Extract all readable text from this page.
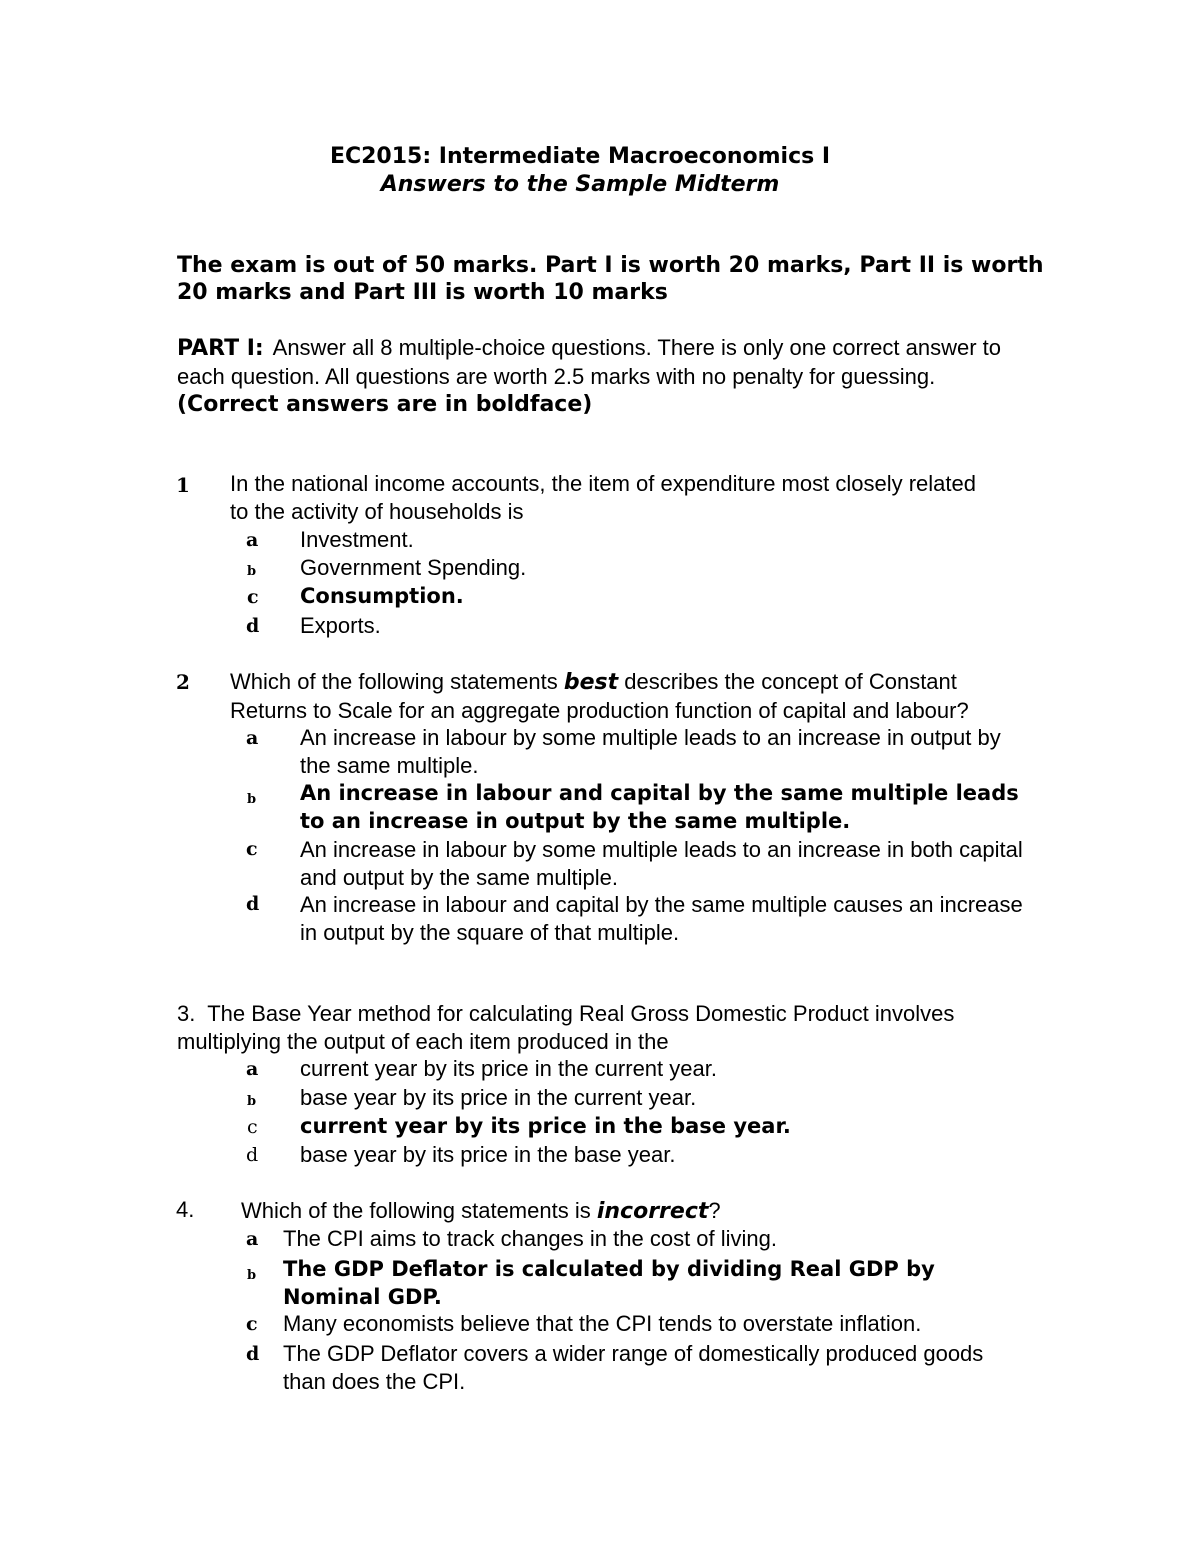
EC2015: Intermediate Macroeconomics I
Answers to the Sample Midterm
The exam is out of 50 marks. Part I is worth 20 marks, Part II is worth 20 marks and Part III is worth 10 marks
PART I: Answer all 8 multiple-choice questions. There is only one correct answer to each question. All questions are worth 2.5 marks with no penalty for guessing. (Correct answers are in boldface)
1 In the national income accounts, the item of expenditure most closely related to the activity of households is
a Investment.
b Government Spending.
c Consumption.
d Exports.
2 Which of the following statements best describes the concept of Constant Returns to Scale for an aggregate production function of capital and labour?
a An increase in labour by some multiple leads to an increase in output by the same multiple.
b An increase in labour and capital by the same multiple leads to an increase in output by the same multiple.
c An increase in labour by some multiple leads to an increase in both capital and output by the same multiple.
d An increase in labour and capital by the same multiple causes an increase in output by the square of that multiple.
3. The Base Year method for calculating Real Gross Domestic Product involves multiplying the output of each item produced in the
a current year by its price in the current year.
b base year by its price in the current year.
c current year by its price in the base year.
d base year by its price in the base year.
4. Which of the following statements is incorrect?
a The CPI aims to track changes in the cost of living.
b The GDP Deflator is calculated by dividing Real GDP by Nominal GDP.
c Many economists believe that the CPI tends to overstate inflation.
d The GDP Deflator covers a wider range of domestically produced goods than does the CPI.
